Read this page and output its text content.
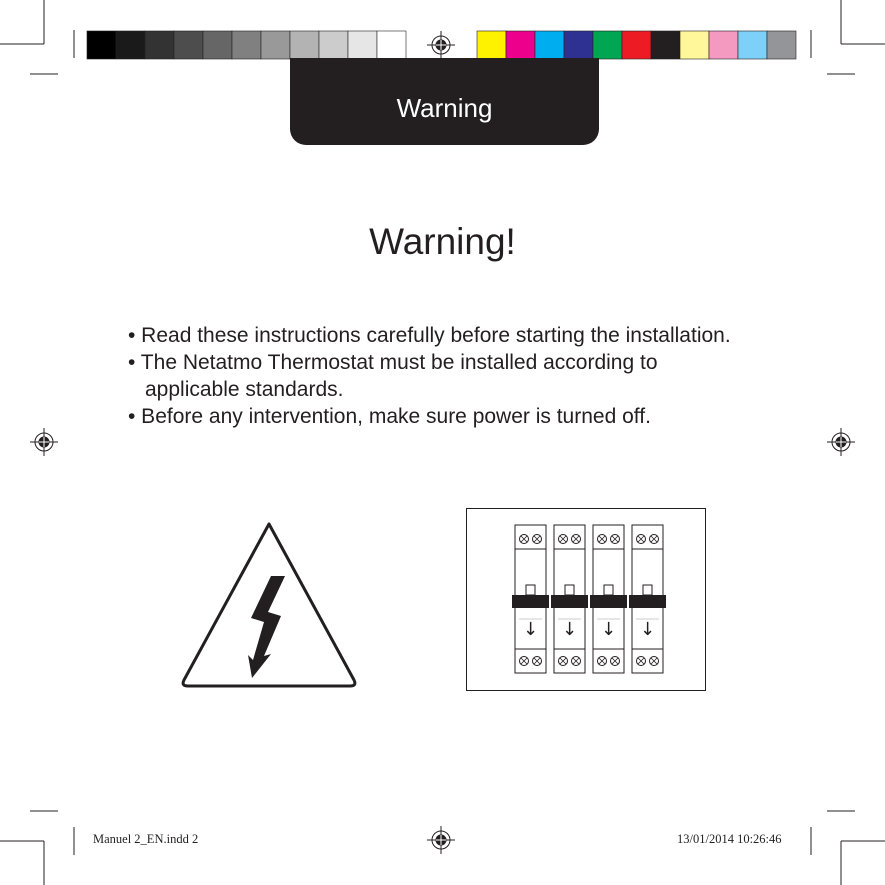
Warning
Warning!
• Read these instructions carefully before starting the installation.
• The Netatmo Thermostat must be installed according to
applicable standards.
• Before any intervention, make sure power is turned off.
↓ ↓ ↓ ↓
Manuel 2_EN.indd 2	13/01/2014 10:26:46
